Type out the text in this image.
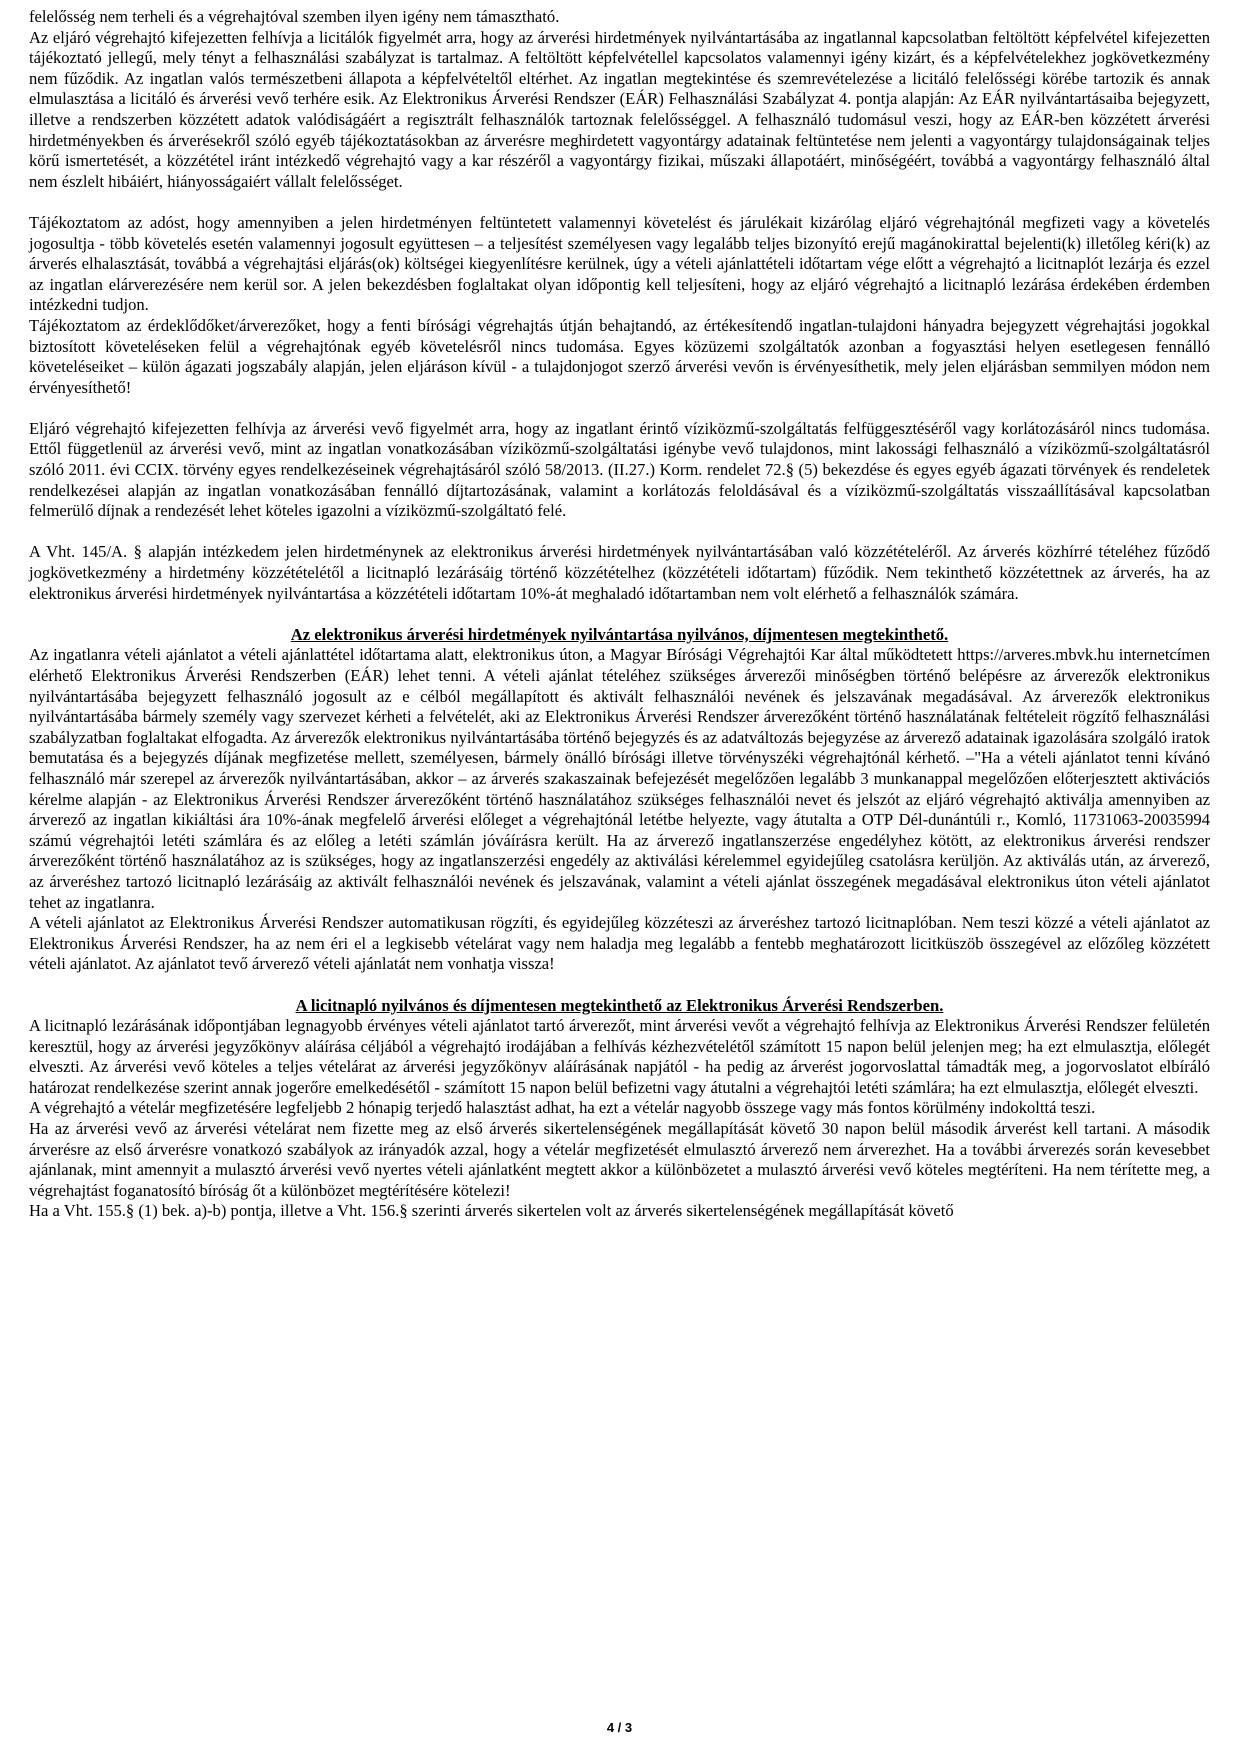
felelősség nem terheli és a végrehajtóval szemben ilyen igény nem támasztható.

Az eljáró végrehajtó kifejezetten felhívja a licitálók figyelmét arra, hogy az árverési hirdetmények nyilvántartásába az ingatlannal kapcsolatban feltöltött képfelvétel kifejezetten tájékoztató jellegű, mely tényt a felhasználási szabályzat is tartalmaz. A feltöltött képfelvétellel kapcsolatos valamennyi igény kizárt, és a képfelvételekhez jogkövetkezmény nem fűződik. Az ingatlan valós természetbeni állapota a képfelvételtől eltérhet. Az ingatlan megtekintése és szemrevételezése a licitáló felelősségi körébe tartozik és annak elmulasztása a licitáló és árverési vevő terhére esik. Az Elektronikus Árverési Rendszer (EÁR) Felhasználási Szabályzat 4. pontja alapján: Az EÁR nyilvántartásaiba bejegyzett, illetve a rendszerben közzétett adatok valódiságáért a regisztrált felhasználók tartoznak felelősséggel. A felhasználó tudomásul veszi, hogy az EÁR-ben közzétett árverési hirdetményekben és árverésekről szóló egyéb tájékoztatásokban az árverésre meghirdetett vagyontárgy adatainak feltüntetése nem jelenti a vagyontárgy tulajdonságainak teljes körű ismertetését, a közzététel iránt intézkedő végrehajtó vagy a kar részéről a vagyontárgy fizikai, műszaki állapotáért, minőségéért, továbbá a vagyontárgy felhasználó által nem észlelt hibáiért, hiányosságaiért vállalt felelősséget.

Tájékoztatom az adóst, hogy amennyiben a jelen hirdetményen feltüntetett valamennyi követelést és járulékait kizárólag eljáró végrehajtónál megfizeti vagy a követelés jogosultja - több követelés esetén valamennyi jogosult együttesen – a teljesítést személyesen vagy legalább teljes bizonyító erejű magánokirattal bejelenti(k) illetőleg kéri(k) az árverés elhalasztását, továbbá a végrehajtási eljárás(ok) költségei kiegyenlítésre kerülnek, úgy a vételi ajánlattételi időtartam vége előtt a végrehajtó a licitnaplót lezárja és ezzel az ingatlan elárverezésére nem kerül sor. A jelen bekezdésben foglaltakat olyan időpontig kell teljesíteni, hogy az eljáró végrehajtó a licitnapló lezárása érdekében érdemben intézkedni tudjon.

Tájékoztatom az érdeklődőket/árverezőket, hogy a fenti bírósági végrehajtás útján behajtandó, az értékesítendő ingatlan-tulajdoni hányadra bejegyzett végrehajtási jogokkal biztosított követeléseken felül a végrehajtónak egyéb követelésről nincs tudomása. Egyes közüzemi szolgáltatók azonban a fogyasztási helyen esetlegesen fennálló követeléseiket – külön ágazati jogszabály alapján, jelen eljáráson kívül - a tulajdonjogot szerző árverési vevőn is érvényesíthetik, mely jelen eljárásban semmilyen módon nem érvényesíthető!

Eljáró végrehajtó kifejezetten felhívja az árverési vevő figyelmét arra, hogy az ingatlant érintő víziközmű-szolgáltatás felfüggesztéséről vagy korlátozásáról nincs tudomása. Ettől függetlenül az árverési vevő, mint az ingatlan vonatkozásában víziközmű-szolgáltatási igénybe vevő tulajdonos, mint lakossági felhasználó a víziközmű-szolgáltatásról szóló 2011. évi CCIX. törvény egyes rendelkezéseinek végrehajtásáról szóló 58/2013. (II.27.) Korm. rendelet 72.§ (5) bekezdése és egyes egyéb ágazati törvények és rendeletek rendelkezései alapján az ingatlan vonatkozásában fennálló díjtartozásának, valamint a korlátozás feloldásával és a víziközmű-szolgáltatás visszaállításával kapcsolatban felmerülő díjnak a rendezését lehet köteles igazolni a víziközmű-szolgáltató felé.

A Vht. 145/A. § alapján intézkedem jelen hirdetménynek az elektronikus árverési hirdetmények nyilvántartásában való közzétételéről. Az árverés közhírré tételéhez fűződő jogkövetkezmény a hirdetmény közzétételétől a licitnapló lezárásáig történő közzétételhez (közzétételi időtartam) fűződik. Nem tekinthető közzétettnek az árverés, ha az elektronikus árverési hirdetmények nyilvántartása a közzétételi időtartam 10%-át meghaladó időtartamban nem volt elérhető a felhasználók számára.

Az elektronikus árverési hirdetmények nyilvántartása nyilvános, díjmentesen megtekinthető.

Az ingatlanra vételi ajánlatot a vételi ajánlattétel időtartama alatt, elektronikus úton, a Magyar Bírósági Végrehajtói Kar által működtetett https://arveres.mbvk.hu internetcímen elérhető Elektronikus Árverési Rendszerben (EÁR) lehet tenni. A vételi ajánlat tételéhez szükséges árverezői minőségben történő belépésre az árverezők elektronikus nyilvántartásába bejegyzett felhasználó jogosult az e célból megállapított és aktivált felhasználói nevének és jelszavának megadásával. Az árverezők elektronikus nyilvántartásába bármely személy vagy szervezet kérheti a felvételét, aki az Elektronikus Árverési Rendszer árverezőként történő használatának feltételeit rögzítő felhasználási szabályzatban foglaltakat elfogadta. Az árverezők elektronikus nyilvántartásába történő bejegyzés és az adatváltozás bejegyzése az árverező adatainak igazolására szolgáló iratok bemutatása és a bejegyzés díjának megfizetése mellett, személyesen, bármely önálló bírósági illetve törvényszéki végrehajtónál kérhető. –"Ha a vételi ajánlatot tenni kívánó felhasználó már szerepel az árverezők nyilvántartásában, akkor – az árverés szakaszainak befejezését megelőzően legalább 3 munkanappal megelőzően előterjesztett aktivációs kérelme alapján - az Elektronikus Árverési Rendszer árverezőként történő használatához szükséges felhasználói nevet és jelszót az eljáró végrehajtó aktiválja amennyiben az árverező az ingatlan kikiáltási ára 10%-ának megfelelő árverési előleget a végrehajtónál letétbe helyezte, vagy átutalta a OTP Dél-dunántúli r., Komló, 11731063-20035994 számú végrehajtói letéti számlára és az előleg a letéti számlán jóváírásra került. Ha az árverező ingatlanszerzése engedélyhez kötött, az elektronikus árverési rendszer árverezőként történő használatához az is szükséges, hogy az ingatlanszerzési engedély az aktiválási kérelemmel egyidejűleg csatolásra kerüljön. Az aktiválás után, az árverező, az árveréshez tartozó licitnapló lezárásáig az aktivált felhasználói nevének és jelszavának, valamint a vételi ajánlat összegének megadásával elektronikus úton vételi ajánlatot tehet az ingatlanra.

A vételi ajánlatot az Elektronikus Árverési Rendszer automatikusan rögzíti, és egyidejűleg közzéteszi az árveréshez tartozó licitnaplóban. Nem teszi közzé a vételi ajánlatot az Elektronikus Árverési Rendszer, ha az nem éri el a legkisebb vételárat vagy nem haladja meg legalább a fentebb meghatározott licitküszöb összegével az előzőleg közzétett vételi ajánlatot. Az ajánlatot tevő árverező vételi ajánlatát nem vonhatja vissza!

A licitnapló nyilvános és díjmentesen megtekinthető az Elektronikus Árverési Rendszerben.

A licitnapló lezárásának időpontjában legnagyobb érvényes vételi ajánlatot tartó árverezőt, mint árverési vevőt a végrehajtó felhívja az Elektronikus Árverési Rendszer felületén keresztül, hogy az árverési jegyzőkönyv aláírása céljából a végrehajtó irodájában a felhívás kézhezvételétől számított 15 napon belül jelenjen meg; ha ezt elmulasztja, előlegét elveszti. Az árverési vevő köteles a teljes vételárat az árverési jegyzőkönyv aláírásának napjától - ha pedig az árverést jogorvoslattal támadták meg, a jogorvoslatot elbíráló határozat rendelkezése szerint annak jogerőre emelkedésétől - számított 15 napon belül befizetni vagy átutalni a végrehajtói letéti számlára; ha ezt elmulasztja, előlegét elveszti.

A végrehajtó a vételár megfizetésére legfeljebb 2 hónapig terjedő halasztást adhat, ha ezt a vételár nagyobb összege vagy más fontos körülmény indokolttá teszi.

Ha az árverési vevő az árverési vételárat nem fizette meg az első árverés sikertelenségének megállapítását követő 30 napon belül második árverést kell tartani. A második árverésre az első árverésre vonatkozó szabályok az irányadók azzal, hogy a vételár megfizetését elmulasztó árverező nem árverezhet. Ha a további árverezés során kevesebbet ajánlanak, mint amennyit a mulasztó árverési vevő nyertes vételi ajánlatként megtett akkor a különbözetet a mulasztó árverési vevő köteles megtéríteni. Ha nem térítette meg, a végrehajtást foganatosító bíróság őt a különbözet megtérítésére kötelezi!

Ha a Vht. 155.§ (1) bek. a)-b) pontja, illetve a Vht. 156.§ szerinti árverés sikertelen volt az árverés sikertelenségének megállapítását követő

4 / 3
